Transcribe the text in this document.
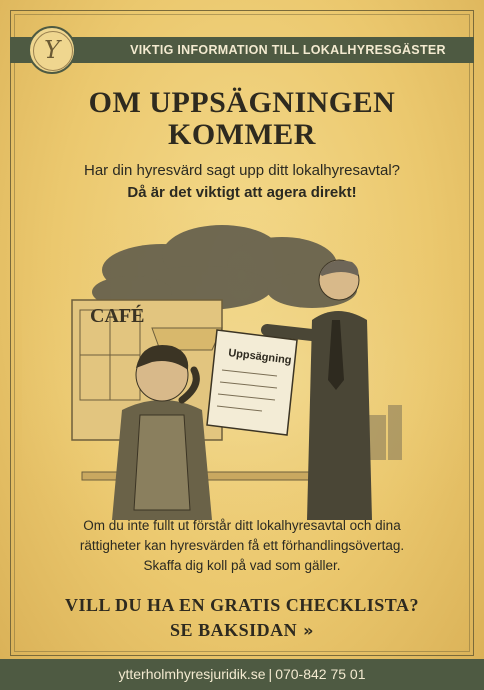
VIKTIG INFORMATION TILL LOKALHYRESGÄSTER
Y
OM UPPSÄGNINGEN
KOMMER
Har din hyresvärd sagt upp ditt lokalhyresavtal?
Då är det viktigt att agera direkt!
CAFÉ
Uppsägning
Om du inte fullt ut förstår ditt lokalhyresavtal och dina
rättigheter kan hyresvärden få ett förhandlingsövertag.
Skaffa dig koll på vad som gäller.
VILL DU HA EN GRATIS CHECKLISTA?
SE BAKSIDAN »
ytterholmhyresjuridik.se | 070-842 75 01
